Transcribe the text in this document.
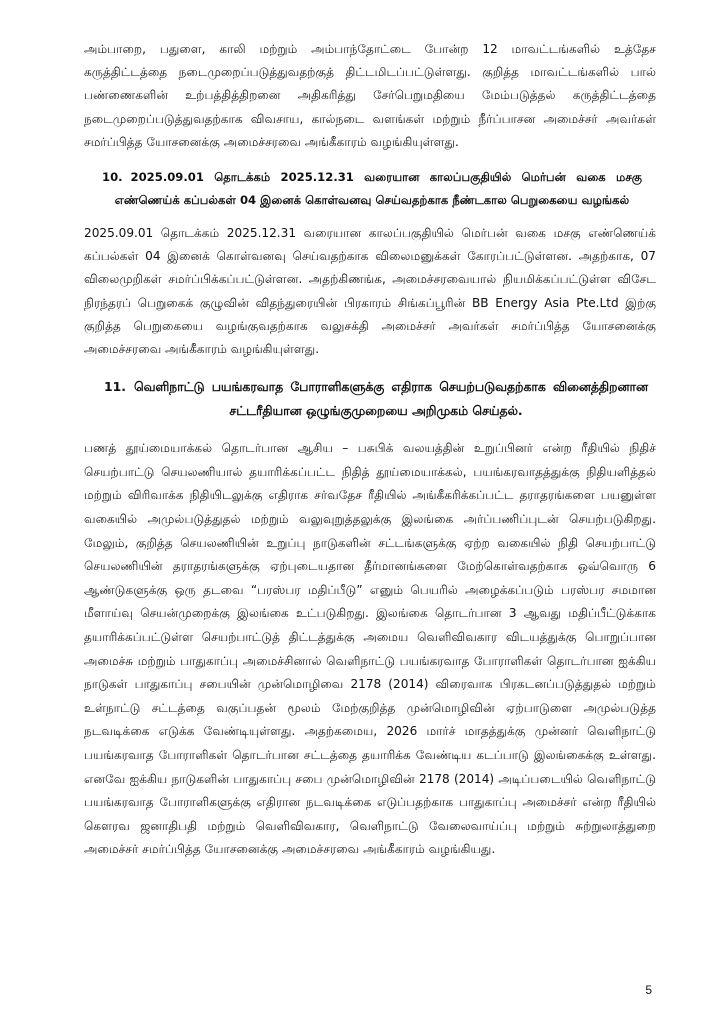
அம்பாறை, பதுளை, காலி மற்றும் அம்பாந்தோட்டை போன்ற 12 மாவட்டங்களில் உத்தேச கருத்திட்டத்தை நடைமுறைப்படுத்துவதற்குத் திட்டமிடப்பட்டுள்ளது. குறித்த மாவட்டங்களில் பால் பண்ணைகளின் உற்பத்தித்திறனை அதிகரித்து சேர்பெறுமதியை மேம்படுத்தல் கருத்திட்டத்தை நடைமுறைப்படுத்துவதற்காக விவசாய, கால்நடை வளங்கள் மற்றும் நீர்ப்பாசன அமைச்சர் அவர்கள் சமர்ப்பித்த யோசனைக்கு அமைச்சரவை அங்கீகாரம் வழங்கியுள்ளது.

10. 2025.09.01 தொடக்கம் 2025.12.31 வரையான காலப்பகுதியில் மெர்பன் வகை மசகு எண்ணெய்க் கப்பல்கள் 04 இனைக் கொள்வனவு செய்வதற்காக நீண்டகால பெறுகையை வழங்கல்

2025.09.01 தொடக்கம் 2025.12.31 வரையான காலப்பகுதியில் மெர்பன் வகை மசகு எண்ணெய்க் கப்பல்கள் 04 இனைக் கொள்வனவு செய்வதற்காக விலைமனுக்கள் கோரப்பட்டுள்ளன. அதற்காக, 07 விலைமுறிகள் சமர்ப்பிக்கப்பட்டுள்ளன. அதற்கிணங்க, அமைச்சரவையால் நியமிக்கப்பட்டுள்ள விசேட நிரந்தரப் பெறுகைக் குழுவின் விதந்துரையின் பிரகாரம் சிங்கப்பூரின் BB Energy Asia Pte.Ltd இற்கு குறித்த பெறுகையை வழங்குவதற்காக வலுசக்தி அமைச்சர் அவர்கள் சமர்ப்பித்த யோசனைக்கு அமைச்சரவை அங்கீகாரம் வழங்கியுள்ளது.

11. வெளிநாட்டு பயங்கரவாத போராளிகளுக்கு எதிராக செயற்படுவதற்காக வினைத்திறனான சட்டரீதியான ஒழுங்குமுறையை அறிமுகம் செய்தல்.

பணத் தூய்மையாக்கல் தொடர்பான ஆசிய – பசுபிக் வலயத்தின் உறுப்பினர் என்ற ரீதியில் நிதிச் செயற்பாட்டு செயலணியால் தயாரிக்கப்பட்ட நிதித் தூய்மையாக்கல், பயங்கரவாதத்துக்கு நிதியளித்தல் மற்றும் விரிவாக்க நிதியிடலுக்கு எதிராக சர்வதேச ரீதியில் அங்கீகரிக்கப்பட்ட தராதரங்களை பயனுள்ள வகையில் அமுல்படுத்துதல் மற்றும் வலுவுறுத்தலுக்கு இலங்கை அர்ப்பணிப்புடன் செயற்படுகிறது. மேலும், குறித்த செயலணியின் உறுப்பு நாடுகளின் சட்டங்களுக்கு ஏற்ற வகையில் நிதி செயற்பாட்டு செயலணியின் தராதரங்களுக்கு ஏற்புடையதான தீர்மானங்களை மேற்கொள்வதற்காக ஒவ்வொரு 6 ஆண்டுகளுக்கு ஒரு தடவை “பரஸ்பர மதிப்பீடு” எனும் பெயரில் அழைக்கப்படும் பரஸ்பர சமமான மீளாய்வு செயன்முறைக்கு இலங்கை உட்படுகிறது. இலங்கை தொடர்பான 3 ஆவது மதிப்பீட்டுக்காக தயாரிக்கப்பட்டுள்ள செயற்பாட்டுத் திட்டத்துக்கு அமைய வெளிவிவகார விடயத்துக்கு பொறுப்பான அமைச்சு மற்றும் பாதுகாப்பு அமைச்சினால் வெளிநாட்டு பயங்கரவாத போராளிகள் தொடர்பான ஐக்கிய நாடுகள் பாதுகாப்பு சபையின் முன்மொழிவை 2178 (2014) விரைவாக பிரகடனப்படுத்துதல் மற்றும் உள்நாட்டு சட்டத்தை வகுப்பதன் மூலம் மேற்குறித்த முன்மொழிவின் ஏற்பாடுளை அமுல்படுத்த நடவடிக்கை எடுக்க வேண்டியுள்ளது. அதற்கமைய, 2026 மார்ச் மாதத்துக்கு முன்னர் வெளிநாட்டு பயங்கரவாத போராளிகள் தொடர்பான சட்டத்தை தயாரிக்க வேண்டிய கடப்பாடு இலங்கைக்கு உள்ளது. எனவே ஐக்கிய நாடுகளின் பாதுகாப்பு சபை முன்மொழிவின் 2178 (2014) அடிப்படையில் வெளிநாட்டு பயங்கரவாத போராளிகளுக்கு எதிரான நடவடிக்கை எடுப்பதற்காக பாதுகாப்பு அமைச்சர் என்ற ரீதியில் கௌரவ ஜனாதிபதி மற்றும் வெளிவிவகார, வெளிநாட்டு வேலைவாய்ப்பு மற்றும் சுற்றுலாத்துறை அமைச்சர் சமர்ப்பித்த யோசனைக்கு அமைச்சரவை அங்கீகாரம் வழங்கியது.

5
